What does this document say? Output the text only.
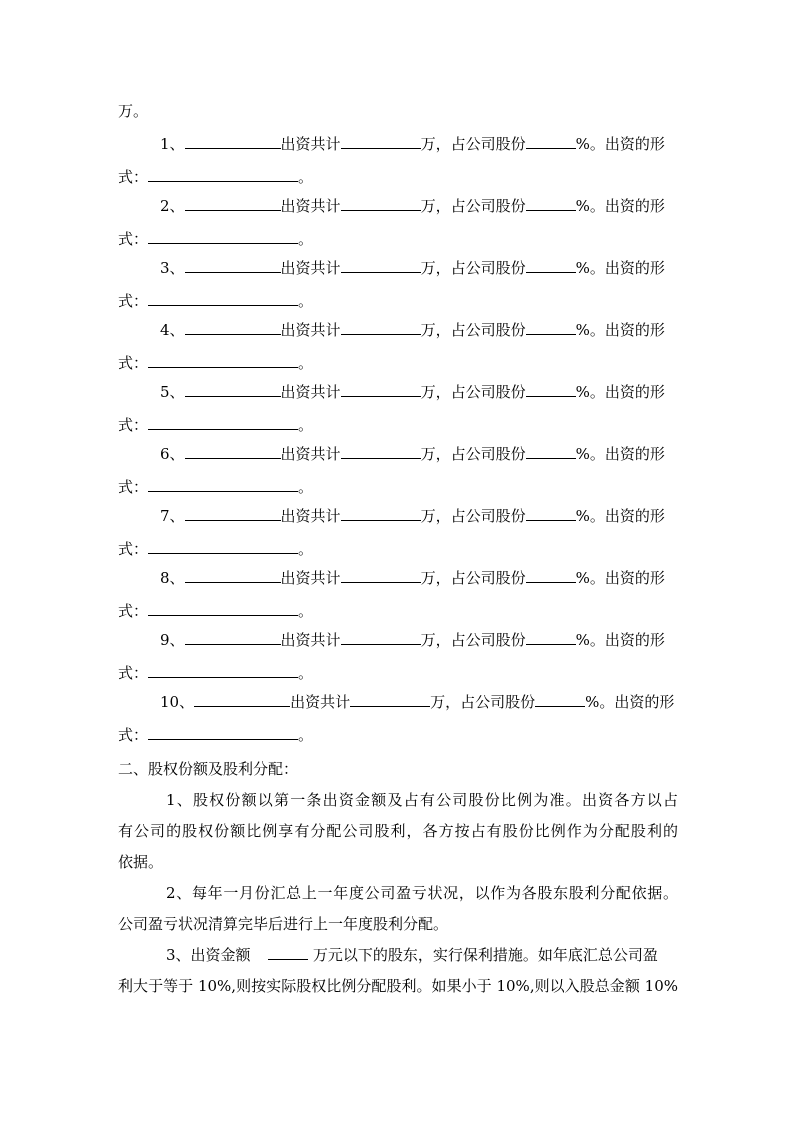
万。
1、	出资共计	万，占公司股份	%。出资的形
式：	。
2、	出资共计	万，占公司股份	%。出资的形
式：	。
3、	出资共计	万，占公司股份	%。出资的形
式：	。
4、	出资共计	万，占公司股份	%。出资的形
式：	。
5、	出资共计	万，占公司股份	%。出资的形
式：	。
6、	出资共计	万，占公司股份	%。出资的形
式：	。
7、	出资共计	万，占公司股份	%。出资的形
式：	。
8、	出资共计	万，占公司股份	%。出资的形
式：	。
9、	出资共计	万，占公司股份	%。出资的形
式：	。
10、	出资共计	万，占公司股份	%。出资的形
式：	。
二、股权份额及股利分配：
1、股权份额以第一条出资金额及占有公司股份比例为准。出资各方以占
有公司的股权份额比例享有分配公司股利，各方按占有股份比例作为分配股利的
依据。
2、每年一月份汇总上一年度公司盈亏状况，以作为各股东股利分配依据。
公司盈亏状况清算完毕后进行上一年度股利分配。
3、出资金额	万元以下的股东，实行保利措施。如年底汇总公司盈
利大于等于 10%,则按实际股权比例分配股利。如果小于 10%,则以入股总金额 10%
